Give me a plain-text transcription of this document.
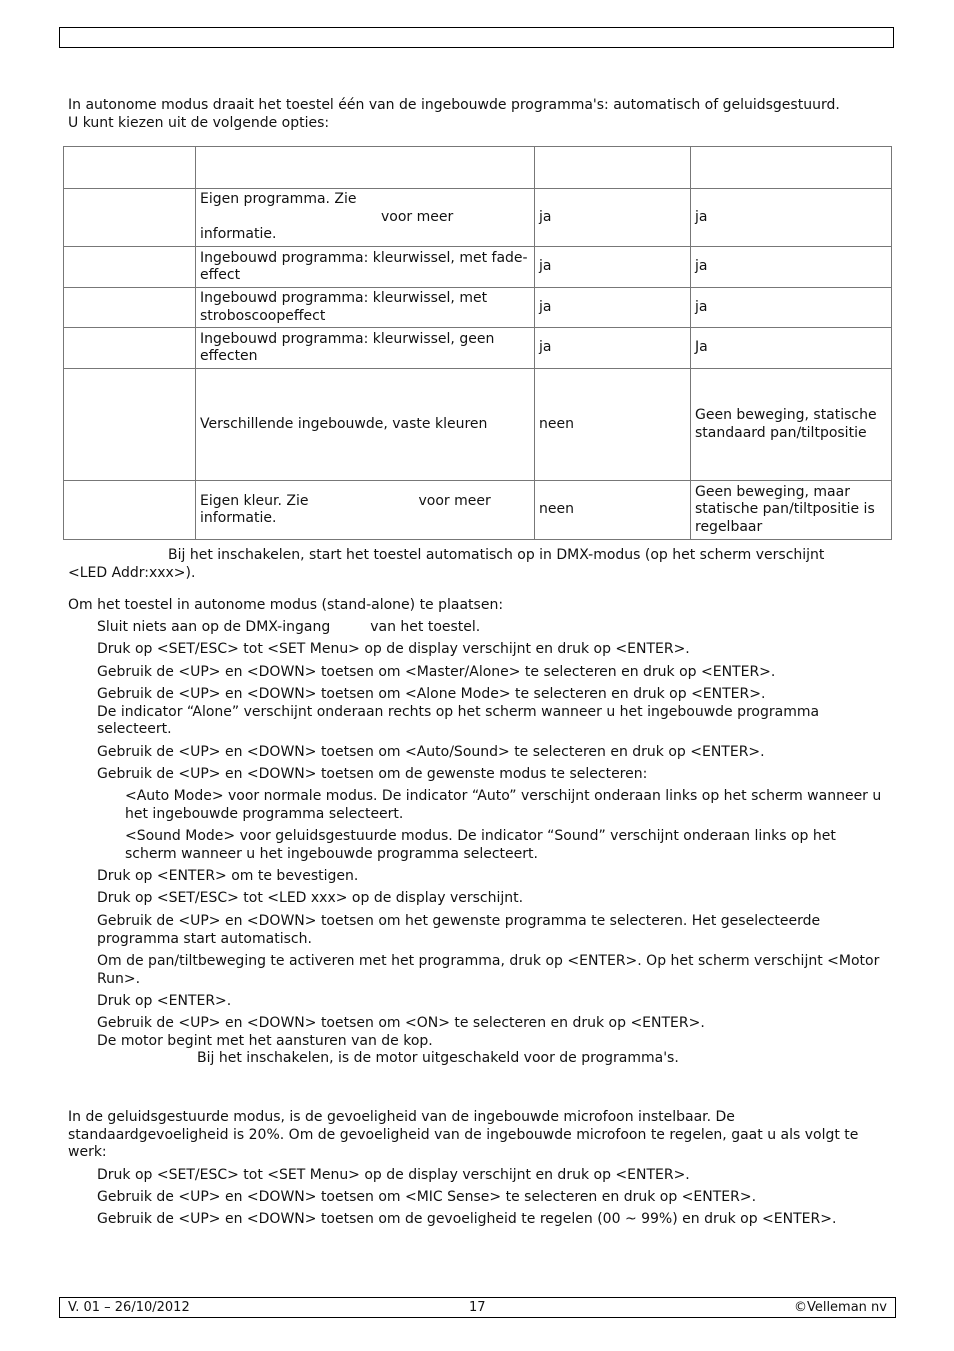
In autonome modus draait het toestel één van de ingebouwde programma's: automatisch of geluidsgestuurd.
U kunt kiezen uit de volgende opties:

	Eigen programma. Zie
voor meer
informatie.	ja	ja
	Ingebouwd programma: kleurwissel, met fade-effect	ja	ja
	Ingebouwd programma: kleurwissel, met stroboscoopeffect	ja	ja
	Ingebouwd programma: kleurwissel, geen effecten	ja	Ja
	Verschillende ingebouwde, vaste kleuren	neen	Geen beweging, statische standaard pan/tiltpositie
	Eigen kleur. Zie voor meer
informatie.	neen	Geen beweging, maar statische pan/tiltpositie is regelbaar

Bij het inschakelen, start het toestel automatisch op in DMX-modus (op het scherm verschijnt
<LED Addr:xxx>).

Om het toestel in autonome modus (stand-alone) te plaatsen:

Sluit niets aan op de DMX-ingang	van het toestel.

Druk op <SET/ESC> tot <SET Menu> op de display verschijnt en druk op <ENTER>.

Gebruik de <UP> en <DOWN> toetsen om <Master/Alone> te selecteren en druk op <ENTER>.

Gebruik de <UP> en <DOWN> toetsen om <Alone Mode> te selecteren en druk op <ENTER>.
De indicator “Alone” verschijnt onderaan rechts op het scherm wanneer u het ingebouwde programma selecteert.

Gebruik de <UP> en <DOWN> toetsen om <Auto/Sound> te selecteren en druk op <ENTER>.

Gebruik de <UP> en <DOWN> toetsen om de gewenste modus te selecteren:

<Auto Mode> voor normale modus. De indicator “Auto” verschijnt onderaan links op het scherm wanneer u het ingebouwde programma selecteert.

<Sound Mode> voor geluidsgestuurde modus. De indicator “Sound” verschijnt onderaan links op het scherm wanneer u het ingebouwde programma selecteert.

Druk op <ENTER> om te bevestigen.

Druk op <SET/ESC> tot <LED xxx> op de display verschijnt.

Gebruik de <UP> en <DOWN> toetsen om het gewenste programma te selecteren. Het geselecteerde programma start automatisch.

Om de pan/tiltbeweging te activeren met het programma, druk op <ENTER>. Op het scherm verschijnt <Motor Run>.

Druk op <ENTER>.

Gebruik de <UP> en <DOWN> toetsen om <ON> te selecteren en druk op <ENTER>.
De motor begint met het aansturen van de kop.
Bij het inschakelen, is de motor uitgeschakeld voor de programma's.

In de geluidsgestuurde modus, is de gevoeligheid van de ingebouwde microfoon instelbaar. De standaardgevoeligheid is 20%. Om de gevoeligheid van de ingebouwde microfoon te regelen, gaat u als volgt te werk:

Druk op <SET/ESC> tot <SET Menu> op de display verschijnt en druk op <ENTER>.

Gebruik de <UP> en <DOWN> toetsen om <MIC Sense> te selecteren en druk op <ENTER>.

Gebruik de <UP> en <DOWN> toetsen om de gevoeligheid te regelen (00 ~ 99%) en druk op <ENTER>.

V. 01 – 26/10/2012	17	©Velleman nv
